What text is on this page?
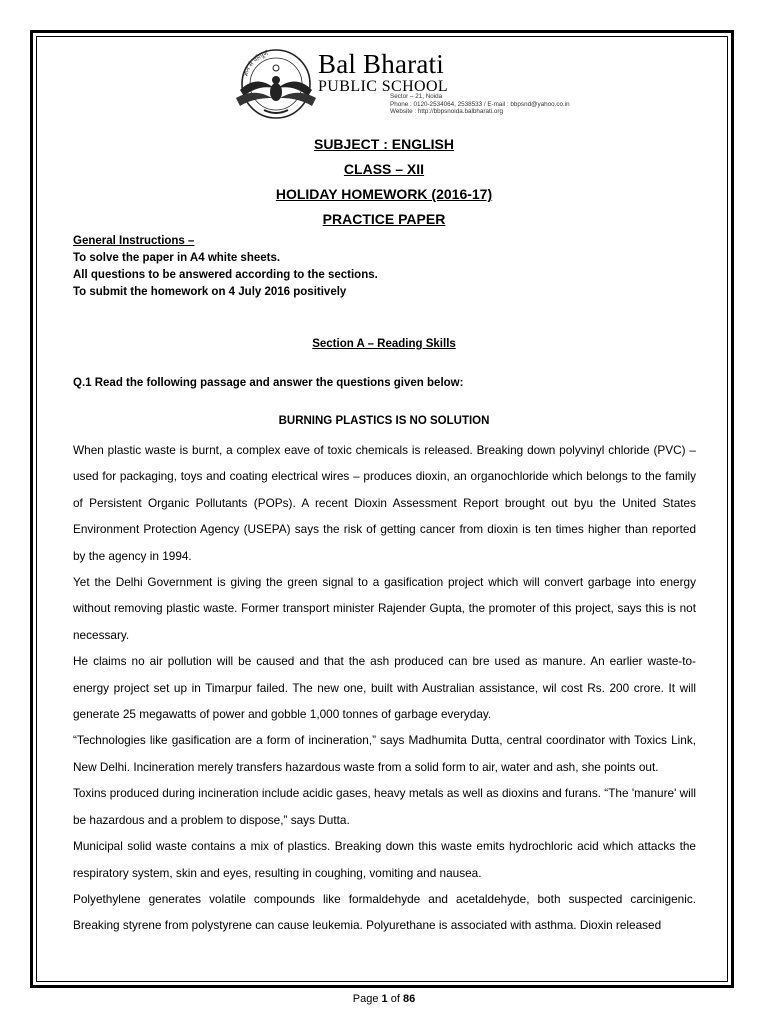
ज्ञान से परिपूर्ण Bal Bharati
PUBLIC SCHOOL
Sector – 21, Noida
Phone : 0120-2534064, 2538533 / E-mail : bbpsnd@yahoo.co.in
Website : http://bbpsnoida.balbharati.org
SUBJECT : ENGLISH
CLASS – XII
HOLIDAY HOMEWORK (2016-17)
PRACTICE PAPER
General Instructions –
To solve the paper in A4 white sheets.
All questions to be answered according to the sections.
To submit the homework on 4 July 2016 positively
Section A – Reading Skills
Q.1 Read the following passage and answer the questions given below:
BURNING PLASTICS IS NO SOLUTION

When plastic waste is burnt, a complex eave of toxic chemicals is released. Breaking down polyvinyl chloride (PVC) – used for packaging, toys and coating electrical wires – produces dioxin, an organochloride which belongs to the family of Persistent Organic Pollutants (POPs). A recent Dioxin Assessment Report brought out byu the United States Environment Protection Agency (USEPA) says the risk of getting cancer from dioxin is ten times higher than reported by the agency in 1994.

Yet the Delhi Government is giving the green signal to a gasification project which will convert garbage into energy without removing plastic waste. Former transport minister Rajender Gupta, the promoter of this project, says this is not necessary.

He claims no air pollution will be caused and that the ash produced can bre used as manure. An earlier waste-to-energy project set up in Timarpur failed. The new one, built with Australian assistance, wil cost Rs. 200 crore. It will generate 25 megawatts of power and gobble 1,000 tonnes of garbage everyday.

“Technologies like gasification are a form of incineration,” says Madhumita Dutta, central coordinator with Toxics Link, New Delhi. Incineration merely transfers hazardous waste from a solid form to air, water and ash, she points out.

Toxins produced during incineration include acidic gases, heavy metals as well as dioxins and furans. “The 'manure' will be hazardous and a problem to dispose,” says Dutta.

Municipal solid waste contains a mix of plastics. Breaking down this waste emits hydrochloric acid which attacks the respiratory system, skin and eyes, resulting in coughing, vomiting and nausea.

Polyethylene generates volatile compounds like formaldehyde and acetaldehyde, both suspected carcinigenic. Breaking styrene from polystyrene can cause leukemia. Polyurethane is associated with asthma. Dioxin released

Page 1 of 86
